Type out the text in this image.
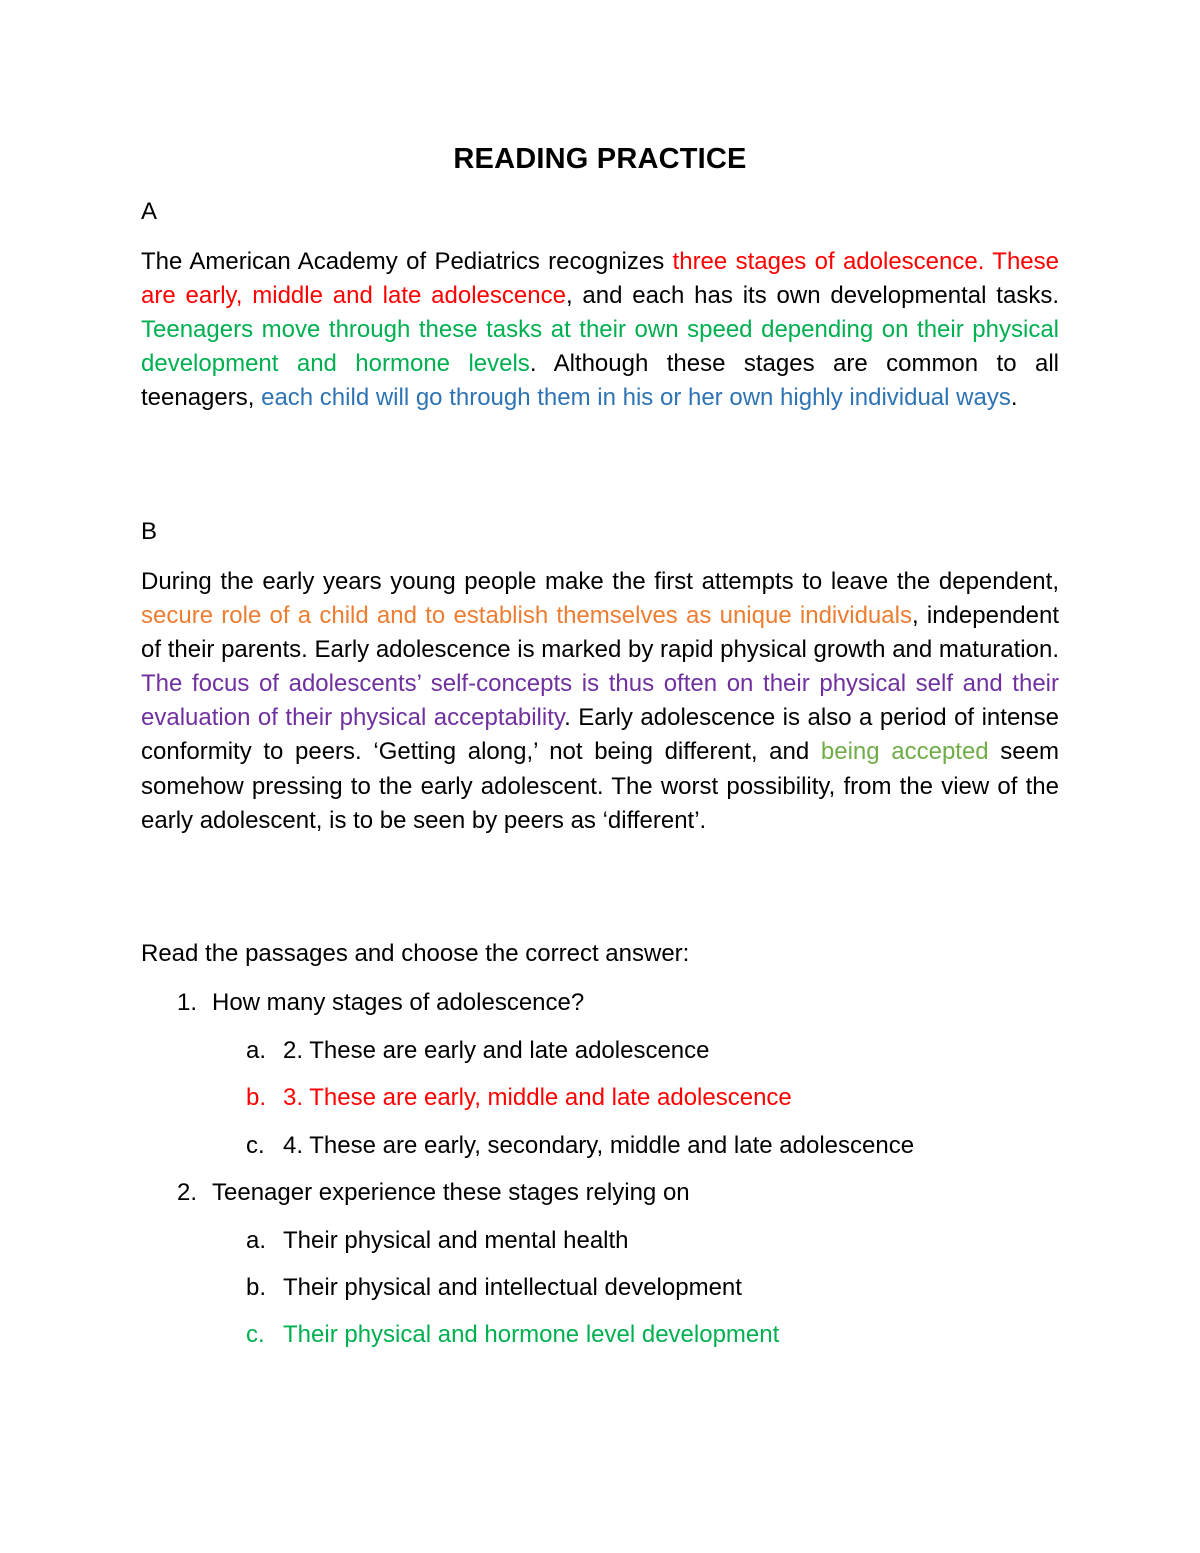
READING PRACTICE
A
The American Academy of Pediatrics recognizes three stages of adolescence. These are early, middle and late adolescence, and each has its own developmental tasks. Teenagers move through these tasks at their own speed depending on their physical development and hormone levels. Although these stages are common to all teenagers, each child will go through them in his or her own highly individual ways.
B
During the early years young people make the first attempts to leave the dependent, secure role of a child and to establish themselves as unique individuals, independent of their parents. Early adolescence is marked by rapid physical growth and maturation. The focus of adolescents’ self-concepts is thus often on their physical self and their evaluation of their physical acceptability. Early adolescence is also a period of intense conformity to peers. ‘Getting along,’ not being different, and being accepted seem somehow pressing to the early adolescent. The worst possibility, from the view of the early adolescent, is to be seen by peers as ‘different’.
Read the passages and choose the correct answer:
1. How many stages of adolescence?
a. 2. These are early and late adolescence
b. 3. These are early, middle and late adolescence
c. 4. These are early, secondary, middle and late adolescence
2. Teenager experience these stages relying on
a. Their physical and mental health
b. Their physical and intellectual development
c. Their physical and hormone level development
